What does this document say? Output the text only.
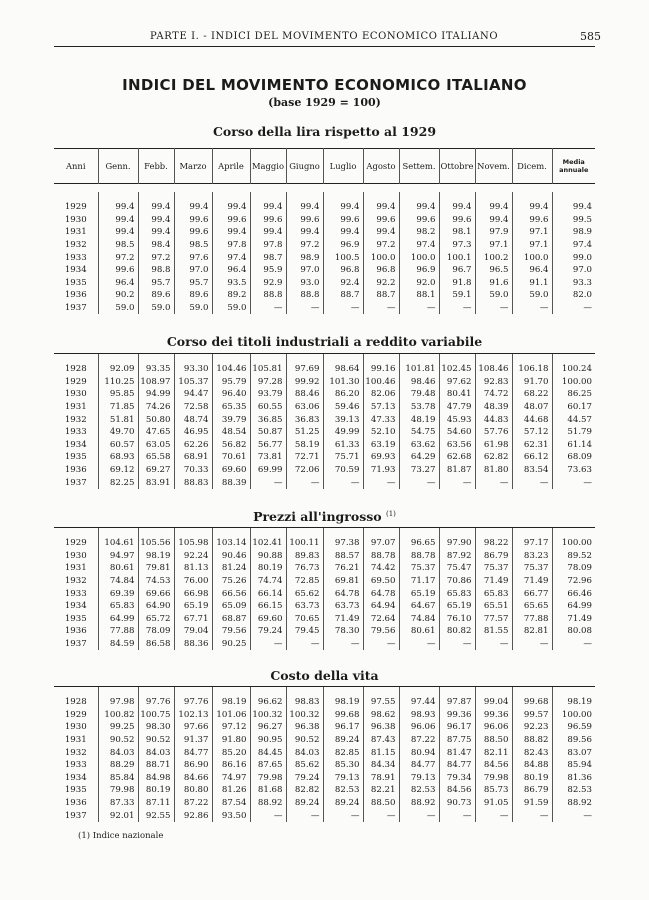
PARTE I. - INDICI DEL MOVIMENTO ECONOMICO ITALIANO	585
INDICI DEL MOVIMENTO ECONOMICO ITALIANO
(base 1929 = 100)
Corso della lira rispetto al 1929
Anni	Genn.	Febb.	Marzo	Aprile	Maggio	Giugno	Luglio	Agosto	Settem.	Ottobre	Novem.	Dicem.	Media annuale

1929	99.4	99.4	99.4	99.4	99.4	99.4	99.4	99.4	99.4	99.4	99.4	99.4	99.4
1930	99.4	99.4	99.6	99.6	99.6	99.6	99.6	99.6	99.6	99.6	99.4	99.6	99.5
1931	99.4	99.4	99.6	99.4	99.4	99.4	99.4	99.4	98.2	98.1	97.9	97.1	98.9
1932	98.5	98.4	98.5	97.8	97.8	97.2	96.9	97.2	97.4	97.3	97.1	97.1	97.4
1933	97.2	97.2	97.6	97.4	98.7	98.9	100.5	100.0	100.0	100.1	100.2	100.0	99.0
1934	99.6	98.8	97.0	96.4	95.9	97.0	96.8	96.8	96.9	96.7	96.5	96.4	97.0
1935	96.4	95.7	95.7	93.5	92.9	93.0	92.4	92.2	92.0	91.8	91.6	91.1	93.3
1936	90.2	89.6	89.6	89.2	88.8	88.8	88.7	88.7	88.1	59.1	59.0	59.0	82.0
1937	59.0	59.0	59.0	59.0	—	—	—	—	—	—	—	—	—
Corso dei titoli industriali a reddito variabile

1928	92.09	93.35	93.30	104.46	105.81	97.69	98.64	99.16	101.81	102.45	108.46	106.18	100.24
1929	110.25	108.97	105.37	95.79	97.28	99.92	101.30	100.46	98.46	97.62	92.83	91.70	100.00
1930	95.85	94.99	94.47	96.40	93.79	88.46	86.20	82.06	79.48	80.41	74.72	68.22	86.25
1931	71.85	74.26	72.58	65.35	60.55	63.06	59.46	57.13	53.78	47.79	48.39	48.07	60.17
1932	51.81	50.80	48.74	39.79	36.85	36.83	39.13	47.33	48.19	45.93	44.83	44.68	44.57
1933	49.70	47.65	46.95	48.54	50.87	51.25	49.99	52.10	54.75	54.60	57.76	57.12	51.79
1934	60.57	63.05	62.26	56.82	56.77	58.19	61.33	63.19	63.62	63.56	61.98	62.31	61.14
1935	68.93	65.58	68.91	70.61	73.81	72.71	75.71	69.93	64.29	62.68	62.82	66.12	68.09
1936	69.12	69.27	70.33	69.60	69.99	72.06	70.59	71.93	73.27	81.87	81.80	83.54	73.63
1937	82.25	83.91	88.83	88.39	—	—	—	—	—	—	—	—	—
Prezzi all'ingrosso $^{(1)}$

1929	104.61	105.56	105.98	103.14	102.41	100.11	97.38	97.07	96.65	97.90	98.22	97.17	100.00
1930	94.97	98.19	92.24	90.46	90.88	89.83	88.57	88.78	88.78	87.92	86.79	83.23	89.52
1931	80.61	79.81	81.13	81.24	80.19	76.73	76.21	74.42	75.37	75.47	75.37	75.37	78.09
1932	74.84	74.53	76.00	75.26	74.74	72.85	69.81	69.50	71.17	70.86	71.49	71.49	72.96
1933	69.39	69.66	66.98	66.56	66.14	65.62	64.78	64.78	65.19	65.83	65.83	66.77	66.46
1934	65.83	64.90	65.19	65.09	66.15	63.73	63.73	64.94	64.67	65.19	65.51	65.65	64.99
1935	64.99	65.72	67.71	68.87	69.60	70.65	71.49	72.64	74.84	76.10	77.57	77.88	71.49
1936	77.88	78.09	79.04	79.56	79.24	79.45	78.30	79.56	80.61	80.82	81.55	82.81	80.08
1937	84.59	86.58	88.36	90.25	—	—	—	—	—	—	—	—	—
Costo della vita

1928	97.98	97.76	97.76	98.19	96.62	98.83	98.19	97.55	97.44	97.87	99.04	99.68	98.19
1929	100.82	100.75	102.13	101.06	100.32	100.32	99.68	98.62	98.93	99.36	99.36	99.57	100.00
1930	99.25	98.30	97.66	97.12	96.27	96.38	96.17	96.38	96.06	96.17	96.06	92.23	96.59
1931	90.52	90.52	91.37	91.80	90.95	90.52	89.24	87.43	87.22	87.75	88.50	88.82	89.56
1932	84.03	84.03	84.77	85.20	84.45	84.03	82.85	81.15	80.94	81.47	82.11	82.43	83.07
1933	88.29	88.71	86.90	86.16	87.65	85.62	85.30	84.34	84.77	84.77	84.56	84.88	85.94
1934	85.84	84.98	84.66	74.97	79.98	79.24	79.13	78.91	79.13	79.34	79.98	80.19	81.36
1935	79.98	80.19	80.80	81.26	81.68	82.82	82.53	82.21	82.53	84.56	85.73	86.79	82.53
1936	87.33	87.11	87.22	87.54	88.92	89.24	89.24	88.50	88.92	90.73	91.05	91.59	88.92
1937	92.01	92.55	92.86	93.50	—	—	—	—	—	—	—	—	—
(1) Indice nazionale
